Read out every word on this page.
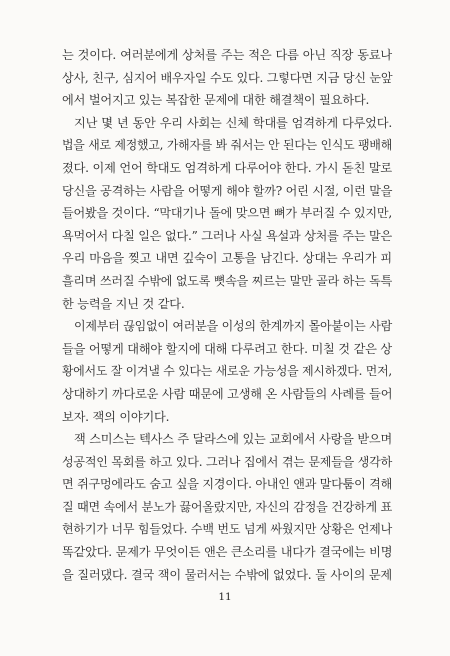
는 것이다. 여러분에게 상처를 주는 적은 다름 아닌 직장 동료나
상사, 친구, 심지어 배우자일 수도 있다. 그렇다면 지금 당신 눈앞
에서 벌어지고 있는 복잡한 문제에 대한 해결책이 필요하다.
지난 몇 년 동안 우리 사회는 신체 학대를 엄격하게 다루었다.
법을 새로 제정했고, 가해자를 봐 줘서는 안 된다는 인식도 팽배해
졌다. 이제 언어 학대도 엄격하게 다루어야 한다. 가시 돋친 말로
당신을 공격하는 사람을 어떻게 해야 할까? 어린 시절, 이런 말을
들어봤을 것이다. “막대기나 돌에 맞으면 뼈가 부러질 수 있지만,
욕먹어서 다칠 일은 없다.” 그러나 사실 욕설과 상처를 주는 말은
우리 마음을 찢고 내면 깊숙이 고통을 남긴다. 상대는 우리가 피
흘리며 쓰러질 수밖에 없도록 뼛속을 찌르는 말만 골라 하는 독특
한 능력을 지닌 것 같다.
이제부터 끊임없이 여러분을 이성의 한계까지 몰아붙이는 사람
들을 어떻게 대해야 할지에 대해 다루려고 한다. 미칠 것 같은 상
황에서도 잘 이겨낼 수 있다는 새로운 가능성을 제시하겠다. 먼저,
상대하기 까다로운 사람 때문에 고생해 온 사람들의 사례를 들어
보자. 잭의 이야기다.
잭 스미스는 텍사스 주 달라스에 있는 교회에서 사랑을 받으며
성공적인 목회를 하고 있다. 그러나 집에서 겪는 문제들을 생각하
면 쥐구멍에라도 숨고 싶을 지경이다. 아내인 앤과 말다툼이 격해
질 때면 속에서 분노가 끓어올랐지만, 자신의 감정을 건강하게 표
현하기가 너무 힘들었다. 수백 번도 넘게 싸웠지만 상황은 언제나
똑같았다. 문제가 무엇이든 앤은 큰소리를 내다가 결국에는 비명
을 질러댔다. 결국 잭이 물러서는 수밖에 없었다. 둘 사이의 문제
11
